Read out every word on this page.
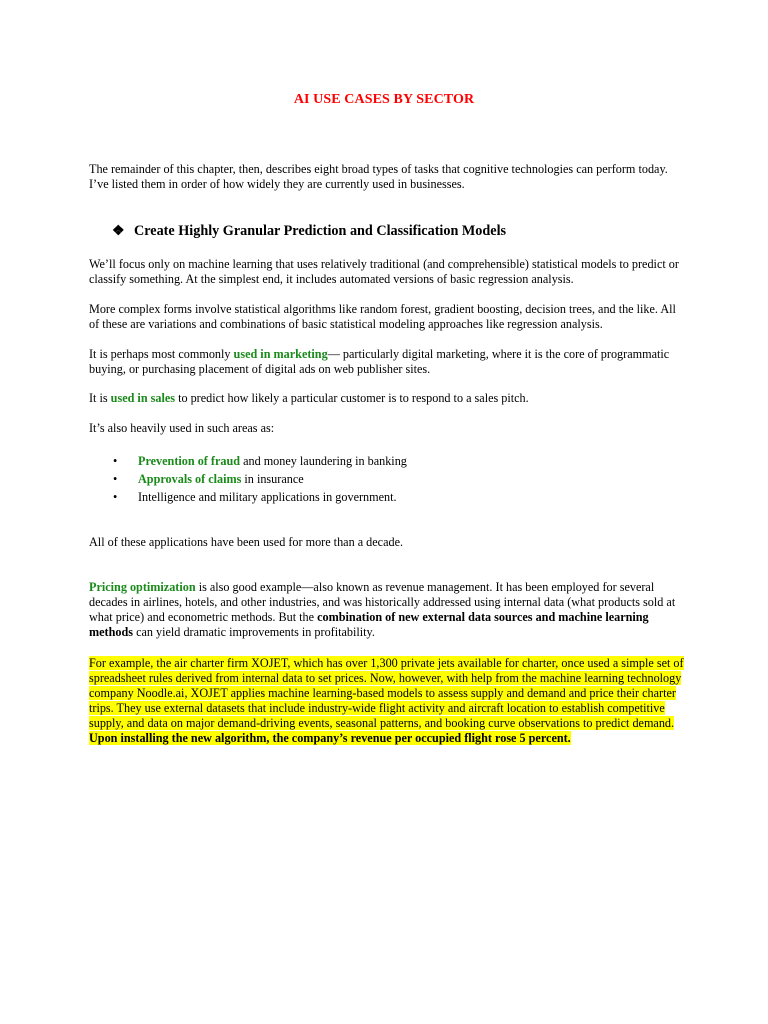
AI USE CASES BY SECTOR
The remainder of this chapter, then, describes eight broad types of tasks that cognitive technologies can perform today. I’ve listed them in order of how widely they are currently used in businesses.
❖ Create Highly Granular Prediction and Classification Models
We’ll focus only on machine learning that uses relatively traditional (and comprehensible) statistical models to predict or classify something. At the simplest end, it includes automated versions of basic regression analysis.
More complex forms involve statistical algorithms like random forest, gradient boosting, decision trees, and the like. All of these are variations and combinations of basic statistical modeling approaches like regression analysis.
It is perhaps most commonly used in marketing— particularly digital marketing, where it is the core of programmatic buying, or purchasing placement of digital ads on web publisher sites.
It is used in sales to predict how likely a particular customer is to respond to a sales pitch.
It’s also heavily used in such areas as:
• Prevention of fraud and money laundering in banking
• Approvals of claims in insurance
• Intelligence and military applications in government.
All of these applications have been used for more than a decade.
Pricing optimization is also good example—also known as revenue management. It has been employed for several decades in airlines, hotels, and other industries, and was historically addressed using internal data (what products sold at what price) and econometric methods. But the combination of new external data sources and machine learning methods can yield dramatic improvements in profitability.
For example, the air charter firm XOJET, which has over 1,300 private jets available for charter, once used a simple set of spreadsheet rules derived from internal data to set prices. Now, however, with help from the machine learning technology company Noodle.ai, XOJET applies machine learning-based models to assess supply and demand and price their charter trips. They use external datasets that include industry-wide flight activity and aircraft location to establish competitive supply, and data on major demand-driving events, seasonal patterns, and booking curve observations to predict demand. Upon installing the new algorithm, the company’s revenue per occupied flight rose 5 percent.
